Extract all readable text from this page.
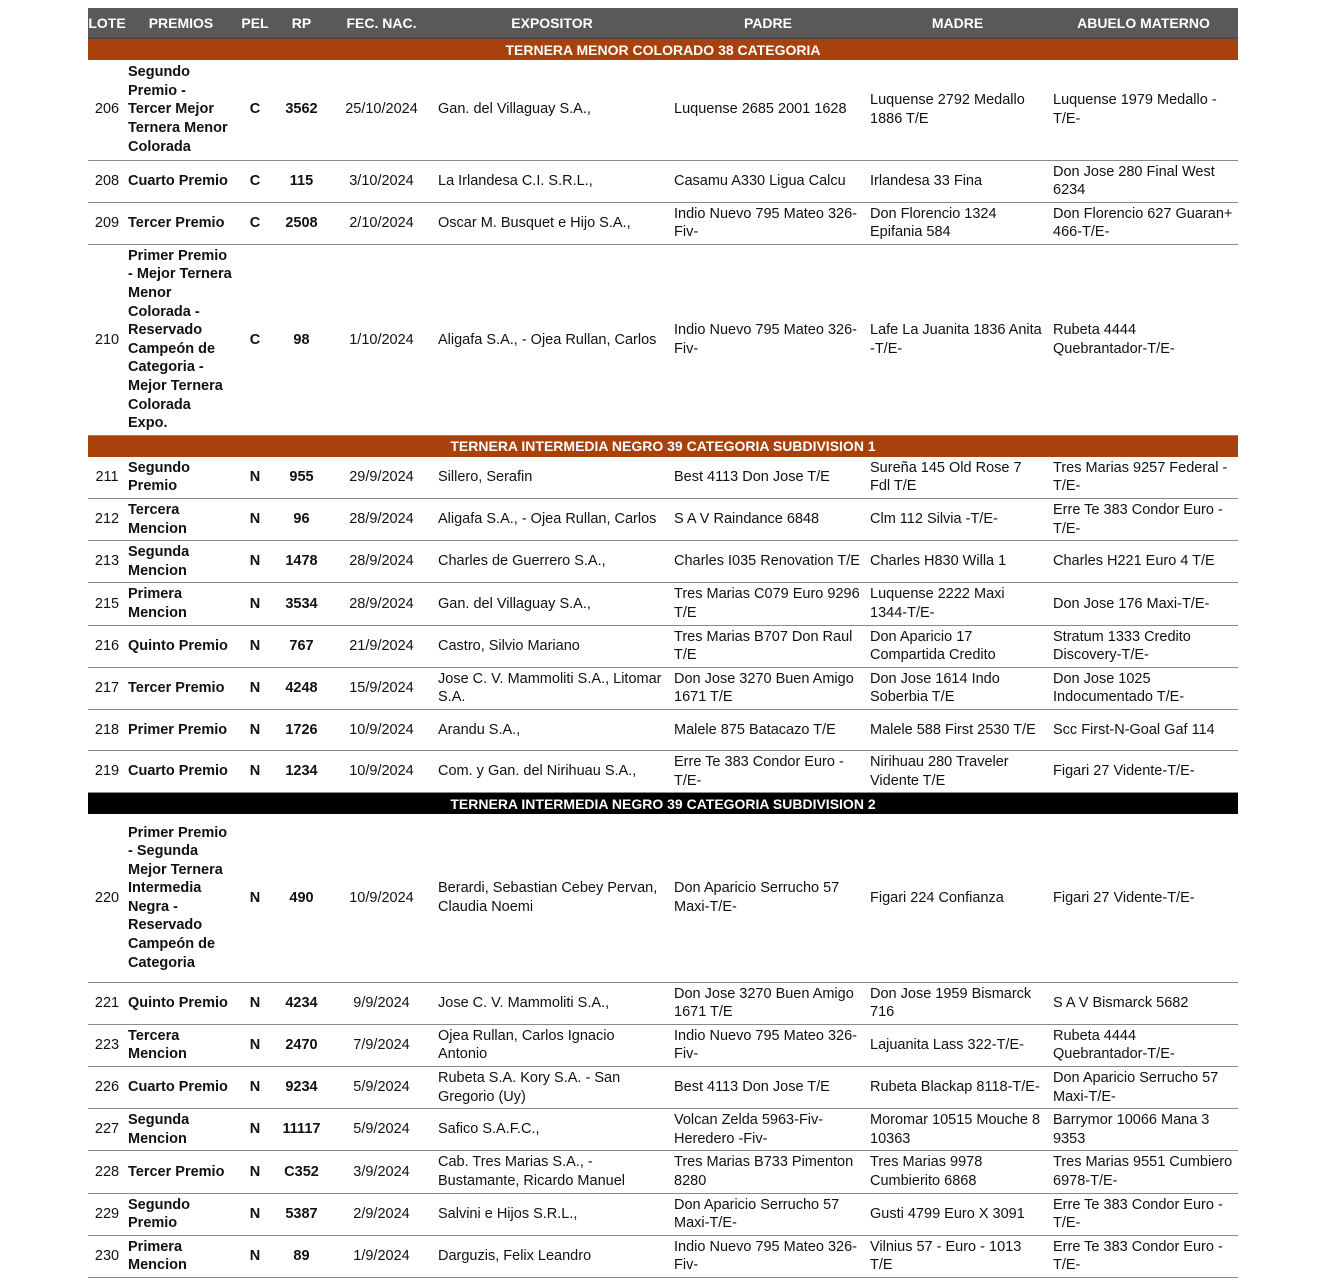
LOTE	PREMIOS	PEL	RP	FEC. NAC.	EXPOSITOR	PADRE	MADRE	ABUELO MATERNO
TERNERA MENOR COLORADO 38 CATEGORIA								
206	Segundo Premio - Tercer Mejor Ternera Menor Colorada	C	3562	25/10/2024	Gan. del Villaguay S.A.,	Luquense 2685 2001 1628	Luquense 2792 Medallo 1886 T/E	Luquense 1979 Medallo -T/E-
208	Cuarto Premio	C	115	3/10/2024	La Irlandesa C.I. S.R.L.,	Casamu A330 Ligua Calcu	Irlandesa 33 Fina	Don Jose 280 Final West 6234
209	Tercer Premio	C	2508	2/10/2024	Oscar M. Busquet e Hijo S.A.,	Indio Nuevo 795 Mateo 326-Fiv-	Don Florencio 1324 Epifania 584	Don Florencio 627 Guaran+ 466-T/E-
210	Primer Premio - Mejor Ternera Menor Colorada - Reservado Campeón de Categoria - Mejor Ternera Colorada Expo.	C	98	1/10/2024	Aligafa S.A., - Ojea Rullan, Carlos	Indio Nuevo 795 Mateo 326-Fiv-	Lafe La Juanita 1836 Anita -T/E-	Rubeta 4444 Quebrantador-T/E-
TERNERA INTERMEDIA NEGRO 39 CATEGORIA SUBDIVISION 1								
211	Segundo Premio	N	955	29/9/2024	Sillero, Serafin	Best 4113 Don Jose T/E	Sureña 145 Old Rose 7 Fdl T/E	Tres Marias 9257 Federal -T/E-
212	Tercera Mencion	N	96	28/9/2024	Aligafa S.A., - Ojea Rullan, Carlos	S A V Raindance 6848	Clm 112 Silvia -T/E-	Erre Te 383 Condor Euro -T/E-
213	Segunda Mencion	N	1478	28/9/2024	Charles de Guerrero S.A.,	Charles I035 Renovation T/E	Charles H830 Willa 1	Charles H221 Euro 4 T/E
215	Primera Mencion	N	3534	28/9/2024	Gan. del Villaguay S.A.,	Tres Marias C079 Euro 9296 T/E	Luquense 2222 Maxi 1344-T/E-	Don Jose 176 Maxi-T/E-
216	Quinto Premio	N	767	21/9/2024	Castro, Silvio Mariano	Tres Marias B707 Don Raul T/E	Don Aparicio 17 Compartida Credito	Stratum 1333 Credito Discovery-T/E-
217	Tercer Premio	N	4248	15/9/2024	Jose C. V. Mammoliti S.A., Litomar S.A.	Don Jose 3270 Buen Amigo 1671 T/E	Don Jose 1614 Indo Soberbia T/E	Don Jose 1025 Indocumentado T/E-
218	Primer Premio	N	1726	10/9/2024	Arandu S.A.,	Malele 875 Batacazo T/E	Malele 588 First 2530 T/E	Scc First-N-Goal Gaf 114
219	Cuarto Premio	N	1234	10/9/2024	Com. y Gan. del Nirihuau S.A.,	Erre Te 383 Condor Euro -T/E-	Nirihuau 280 Traveler Vidente T/E	Figari 27 Vidente-T/E-
TERNERA INTERMEDIA NEGRO 39 CATEGORIA SUBDIVISION 2								
220	Primer Premio - Segunda Mejor Ternera Intermedia Negra - Reservado Campeón de Categoria	N	490	10/9/2024	Berardi, Sebastian Cebey Pervan, Claudia Noemi	Don Aparicio Serrucho 57 Maxi-T/E-	Figari 224 Confianza	Figari 27 Vidente-T/E-
221	Quinto Premio	N	4234	9/9/2024	Jose C. V. Mammoliti S.A.,	Don Jose 3270 Buen Amigo 1671 T/E	Don Jose 1959 Bismarck 716	S A V Bismarck 5682
223	Tercera Mencion	N	2470	7/9/2024	Ojea Rullan, Carlos Ignacio Antonio	Indio Nuevo 795 Mateo 326-Fiv-	Lajuanita Lass 322-T/E-	Rubeta 4444 Quebrantador-T/E-
226	Cuarto Premio	N	9234	5/9/2024	Rubeta S.A. Kory S.A. - San Gregorio (Uy)	Best 4113 Don Jose T/E	Rubeta Blackap 8118-T/E-	Don Aparicio Serrucho 57 Maxi-T/E-
227	Segunda Mencion	N	11117	5/9/2024	Safico S.A.F.C.,	Volcan Zelda 5963-Fiv- Heredero -Fiv-	Moromar 10515 Mouche 8 10363	Barrymor 10066 Mana 3 9353
228	Tercer Premio	N	C352	3/9/2024	Cab. Tres Marias S.A., - Bustamante, Ricardo Manuel	Tres Marias B733 Pimenton 8280	Tres Marias 9978 Cumbierito 6868	Tres Marias 9551 Cumbiero 6978-T/E-
229	Segundo Premio	N	5387	2/9/2024	Salvini e Hijos S.R.L.,	Don Aparicio Serrucho 57 Maxi-T/E-	Gusti 4799 Euro X 3091	Erre Te 383 Condor Euro -T/E-
230	Primera Mencion	N	89	1/9/2024	Darguzis, Felix Leandro	Indio Nuevo 795 Mateo 326-Fiv-	Vilnius 57 - Euro - 1013 T/E	Erre Te 383 Condor Euro -T/E-
